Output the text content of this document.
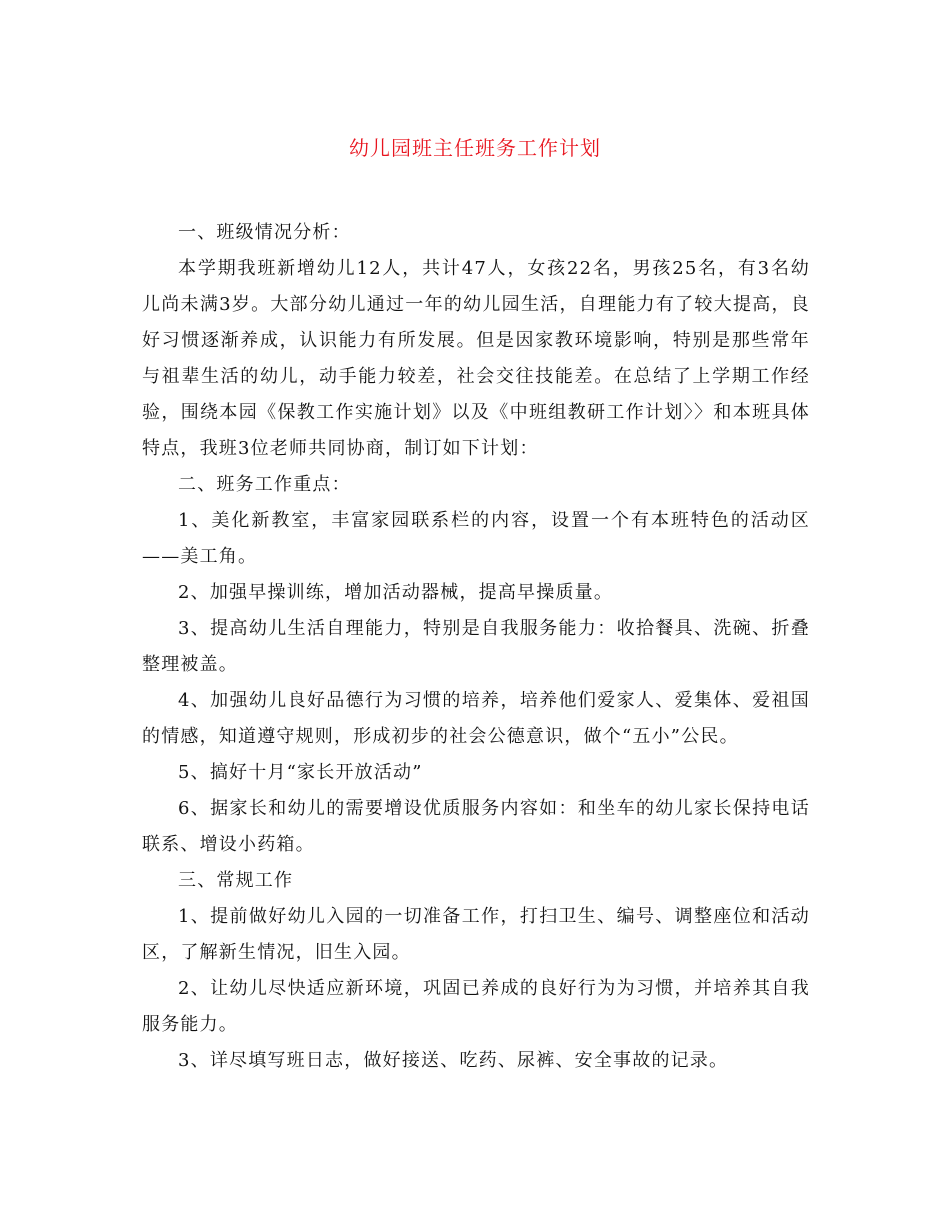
幼儿园班主任班务工作计划

一、班级情况分析：

本学期我班新增幼儿12人，共计47人，女孩22名，男孩25名，有3名幼儿尚未满3岁。大部分幼儿通过一年的幼儿园生活，自理能力有了较大提高，良好习惯逐渐养成，认识能力有所发展。但是因家教环境影响，特别是那些常年与祖辈生活的幼儿，动手能力较差，社会交往技能差。在总结了上学期工作经验，围绕本园《保教工作实施计划》以及《中班组教研工作计划〉〉和本班具体特点，我班3位老师共同协商，制订如下计划：

二、班务工作重点：

1、美化新教室，丰富家园联系栏的内容，设置一个有本班特色的活动区——美工角。

2、加强早操训练，增加活动器械，提高早操质量。

3、提高幼儿生活自理能力，特别是自我服务能力：收拾餐具、洗碗、折叠整理被盖。

4、加强幼儿良好品德行为习惯的培养，培养他们爱家人、爱集体、爱祖国的情感，知道遵守规则，形成初步的社会公德意识，做个“五小”公民。

5、搞好十月“家长开放活动”

6、据家长和幼儿的需要增设优质服务内容如：和坐车的幼儿家长保持电话联系、增设小药箱。

三、常规工作

1、提前做好幼儿入园的一切准备工作，打扫卫生、编号、调整座位和活动区，了解新生情况，旧生入园。

2、让幼儿尽快适应新环境，巩固已养成的良好行为为习惯，并培养其自我服务能力。

3、详尽填写班日志，做好接送、吃药、尿裤、安全事故的记录。
